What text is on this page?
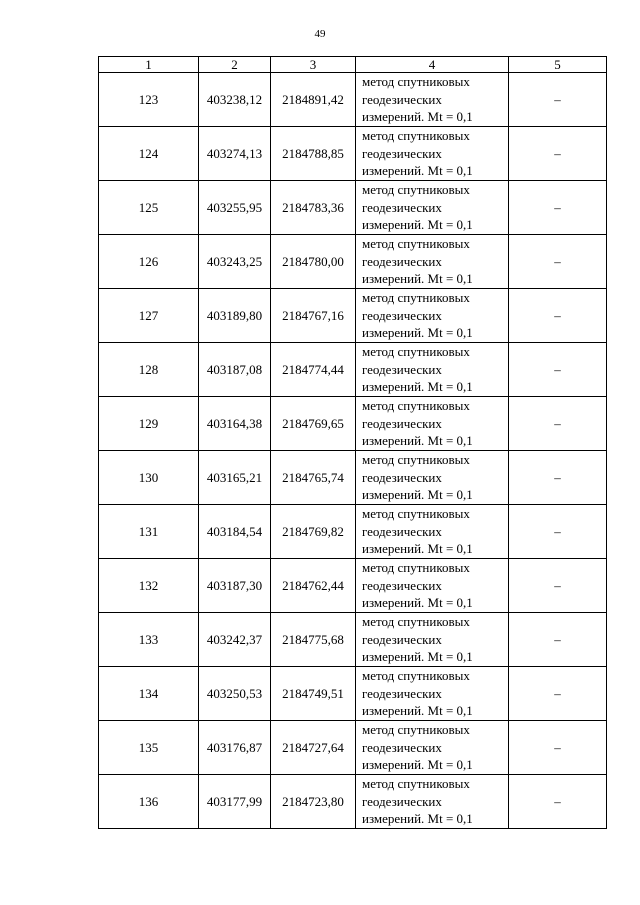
49
1	2	3	4	5
123	403238,12	2184891,42	метод спутниковых
геодезических
измерений. Mt = 0,1	–
124	403274,13	2184788,85	метод спутниковых
геодезических
измерений. Mt = 0,1	–
125	403255,95	2184783,36	метод спутниковых
геодезических
измерений. Mt = 0,1	–
126	403243,25	2184780,00	метод спутниковых
геодезических
измерений. Mt = 0,1	–
127	403189,80	2184767,16	метод спутниковых
геодезических
измерений. Mt = 0,1	–
128	403187,08	2184774,44	метод спутниковых
геодезических
измерений. Mt = 0,1	–
129	403164,38	2184769,65	метод спутниковых
геодезических
измерений. Mt = 0,1	–
130	403165,21	2184765,74	метод спутниковых
геодезических
измерений. Mt = 0,1	–
131	403184,54	2184769,82	метод спутниковых
геодезических
измерений. Mt = 0,1	–
132	403187,30	2184762,44	метод спутниковых
геодезических
измерений. Mt = 0,1	–
133	403242,37	2184775,68	метод спутниковых
геодезических
измерений. Mt = 0,1	–
134	403250,53	2184749,51	метод спутниковых
геодезических
измерений. Mt = 0,1	–
135	403176,87	2184727,64	метод спутниковых
геодезических
измерений. Mt = 0,1	–
136	403177,99	2184723,80	метод спутниковых
геодезических
измерений. Mt = 0,1	–
